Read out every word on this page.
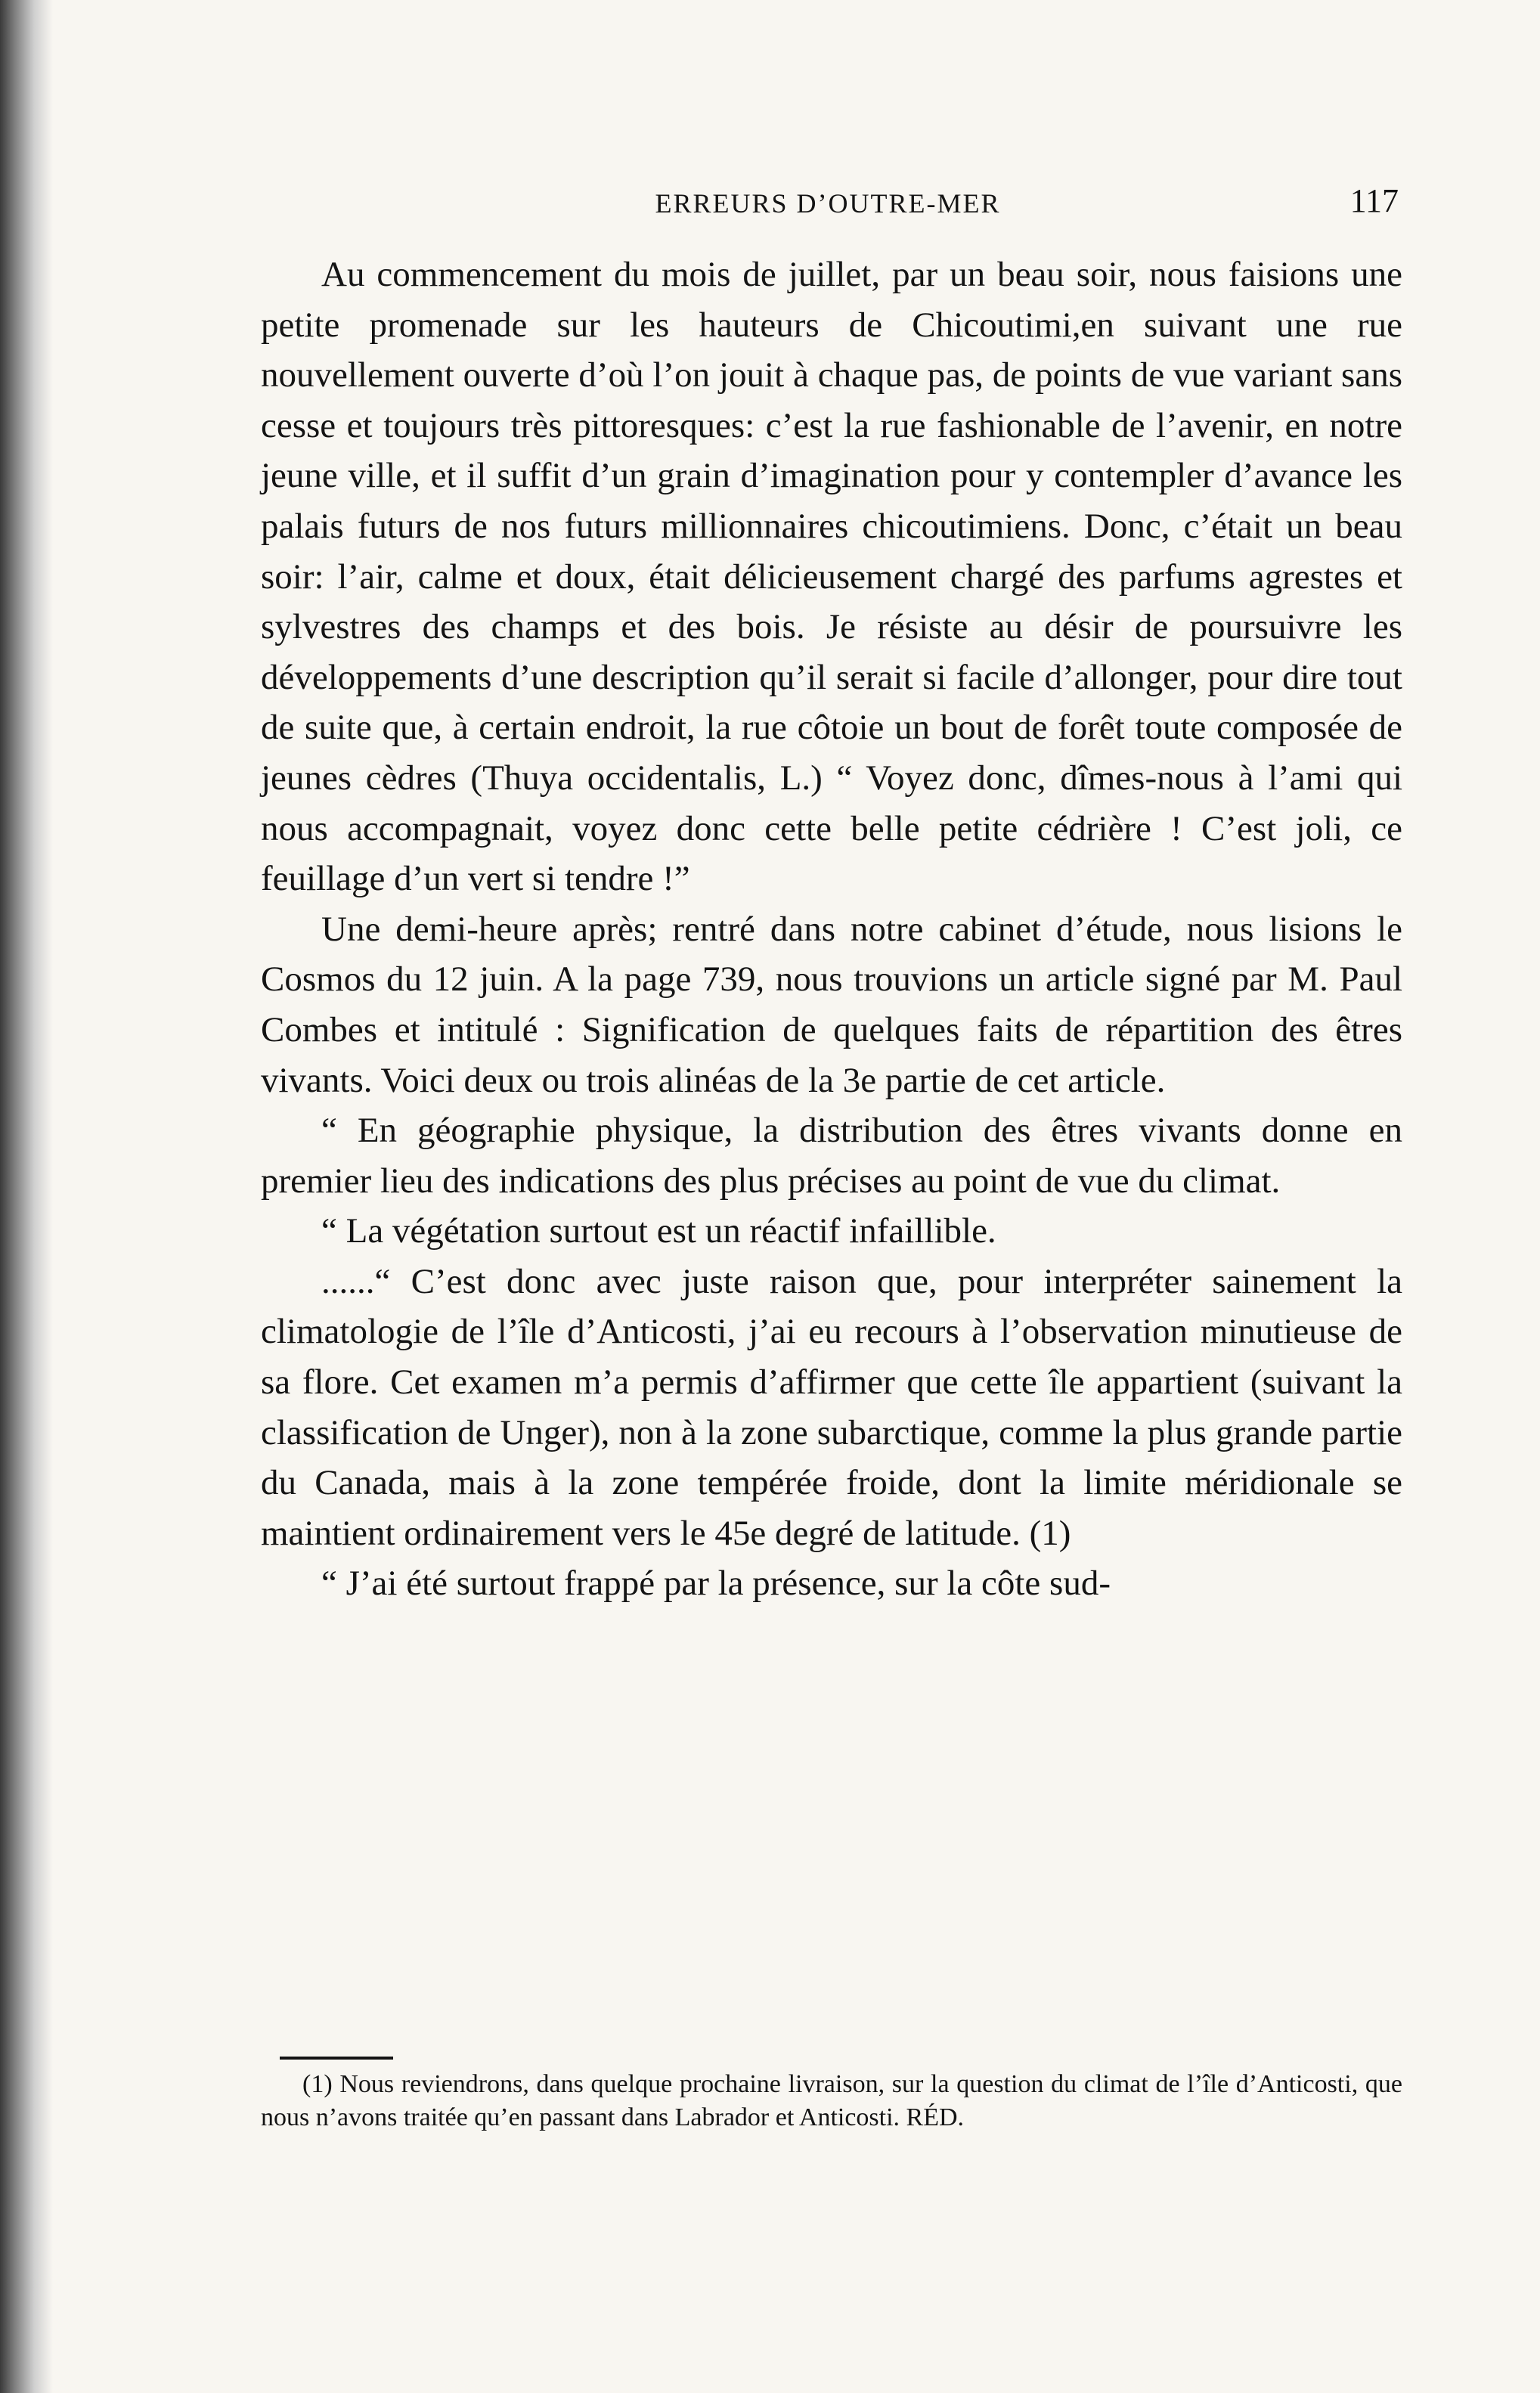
ERREURS D’OUTRE-MER	117

Au commencement du mois de juillet, par un beau soir, nous faisions une petite promenade sur les hauteurs de Chicoutimi,en suivant une rue nouvellement ouverte d’où l’on jouit à chaque pas, de points de vue variant sans cesse et toujours très pittoresques: c’est la rue fashionable de l’avenir, en notre jeune ville, et il suffit d’un grain d’imagination pour y contempler d’avance les palais futurs de nos futurs millionnaires chicoutimiens. Donc, c’était un beau soir: l’air, calme et doux, était délicieusement chargé des parfums agrestes et sylvestres des champs et des bois. Je résiste au désir de poursuivre les développements d’une description qu’il serait si facile d’allonger, pour dire tout de suite que, à certain endroit, la rue côtoie un bout de forêt toute composée de jeunes cèdres (Thuya occidentalis, L.) “ Voyez donc, dîmes-nous à l’ami qui nous accompagnait, voyez donc cette belle petite cédrière ! C’est joli, ce feuillage d’un vert si tendre !”

Une demi-heure après; rentré dans notre cabinet d’étude, nous lisions le Cosmos du 12 juin. A la page 739, nous trouvions un article signé par M. Paul Combes et intitulé : Signification de quelques faits de répartition des êtres vivants. Voici deux ou trois alinéas de la 3e partie de cet article.

“ En géographie physique, la distribution des êtres vivants donne en premier lieu des indications des plus précises au point de vue du climat.

“ La végétation surtout est un réactif infaillible.

......“ C’est donc avec juste raison que, pour interpréter sainement la climatologie de l’île d’Anticosti, j’ai eu recours à l’observation minutieuse de sa flore. Cet examen m’a permis d’affirmer que cette île appartient (suivant la classification de Unger), non à la zone subarctique, comme la plus grande partie du Canada, mais à la zone tempérée froide, dont la limite méridionale se maintient ordinairement vers le 45e degré de latitude. (1)

“ J’ai été surtout frappé par la présence, sur la côte sud-

(1) Nous reviendrons, dans quelque prochaine livraison, sur la question du climat de l’île d’Anticosti, que nous n’avons traitée qu’en passant dans Labrador et Anticosti. RÉD.
